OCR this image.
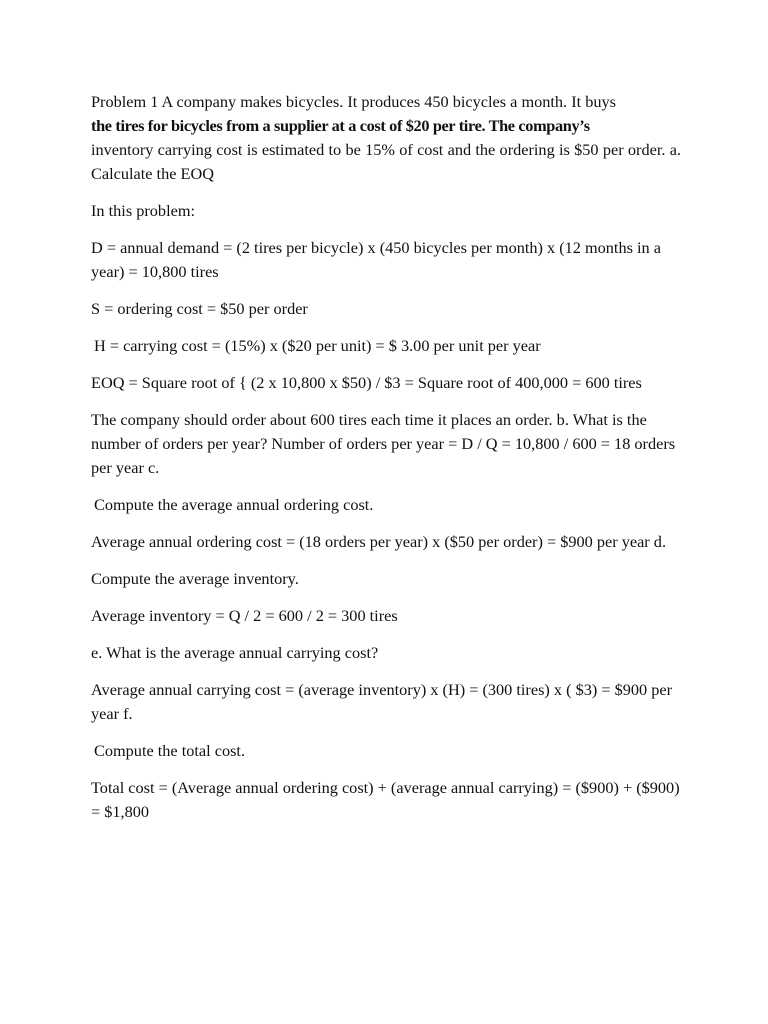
Problem 1 A company makes bicycles. It produces 450 bicycles a month. It buys
the tires for bicycles from a supplier at a cost of $20 per tire. The company’s
inventory carrying cost is estimated to be 15% of cost and the ordering is $50 per order. a. Calculate the EOQ

In this problem:

D = annual demand = (2 tires per bicycle) x (450 bicycles per month) x (12 months in a year) = 10,800 tires

S = ordering cost = $50 per order

H = carrying cost = (15%) x ($20 per unit) = $ 3.00 per unit per year

EOQ = Square root of { (2 x 10,800 x $50) / $3 = Square root of 400,000 = 600 tires

The company should order about 600 tires each time it places an order. b. What is the number of orders per year? Number of orders per year = D / Q = 10,800 / 600 = 18 orders per year c.

Compute the average annual ordering cost.

Average annual ordering cost = (18 orders per year) x ($50 per order) = $900 per year d.

Compute the average inventory.

Average inventory = Q / 2 = 600 / 2 = 300 tires

e. What is the average annual carrying cost?

Average annual carrying cost = (average inventory) x (H) = (300 tires) x ( $3) = $900 per year f.

Compute the total cost.

Total cost = (Average annual ordering cost) + (average annual carrying) = ($900) + ($900) = $1,800
